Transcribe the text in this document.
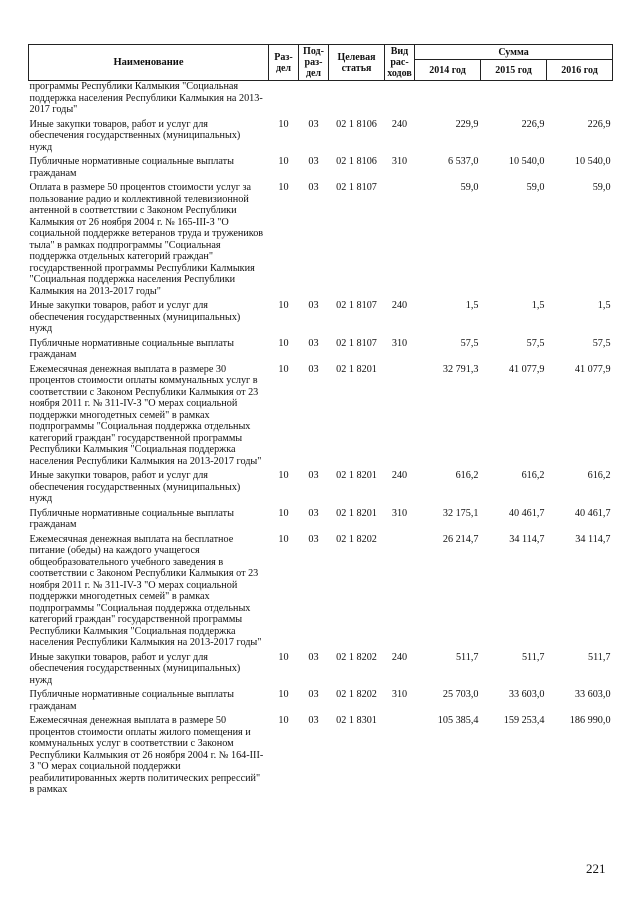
Наименование	Раз-дел	Под-раз-дел	Целевая статья	Вид рас-ходов	Сумма		
					2014 год	2015 год	2016 год
программы Республики Калмыкия "Социальная поддержка населения Республики Калмыкия на 2013-2017 годы"							
Иные закупки товаров, работ и услуг для обеспечения государственных (муниципальных) нужд	10	03	02 1 8106	240	229,9	226,9	226,9
Публичные нормативные социальные выплаты гражданам	10	03	02 1 8106	310	6 537,0	10 540,0	10 540,0
Оплата в размере 50 процентов стоимости услуг за пользование радио и коллективной телевизионной антенной в соответствии с Законом Республики Калмыкия от 26 ноября 2004 г. № 165-III-З "О социальной поддержке ветеранов труда и тружеников тыла" в рамках подпрограммы "Социальная поддержка отдельных категорий граждан" государственной программы Республики Калмыкия "Социальная поддержка населения Республики Калмыкия на 2013-2017 годы"	10	03	02 1 8107		59,0	59,0	59,0
Иные закупки товаров, работ и услуг для обеспечения государственных (муниципальных) нужд	10	03	02 1 8107	240	1,5	1,5	1,5
Публичные нормативные социальные выплаты гражданам	10	03	02 1 8107	310	57,5	57,5	57,5
Ежемесячная денежная выплата в размере 30 процентов стоимости оплаты коммунальных услуг в соответствии с Законом Республики Калмыкия от 23 ноября 2011 г. № 311-IV-З "О мерах социальной поддержки многодетных семей" в рамках подпрограммы "Социальная поддержка отдельных категорий граждан" государственной программы Республики Калмыкия "Социальная поддержка населения Республики Калмыкия на 2013-2017 годы"	10	03	02 1 8201		32 791,3	41 077,9	41 077,9
Иные закупки товаров, работ и услуг для обеспечения государственных (муниципальных) нужд	10	03	02 1 8201	240	616,2	616,2	616,2
Публичные нормативные социальные выплаты гражданам	10	03	02 1 8201	310	32 175,1	40 461,7	40 461,7
Ежемесячная денежная выплата на бесплатное питание (обеды) на каждого учащегося общеобразовательного учебного заведения в соответствии с Законом Республики Калмыкия от 23 ноября 2011 г. № 311-IV-З "О мерах социальной поддержки многодетных семей" в рамках подпрограммы "Социальная поддержка отдельных категорий граждан" государственной программы Республики Калмыкия "Социальная поддержка населения Республики Калмыкия на 2013-2017 годы"	10	03	02 1 8202		26 214,7	34 114,7	34 114,7
Иные закупки товаров, работ и услуг для обеспечения государственных (муниципальных) нужд	10	03	02 1 8202	240	511,7	511,7	511,7
Публичные нормативные социальные выплаты гражданам	10	03	02 1 8202	310	25 703,0	33 603,0	33 603,0
Ежемесячная денежная выплата в размере 50 процентов стоимости оплаты жилого помещения и коммунальных услуг в соответствии с Законом Республики Калмыкия от 26 ноября 2004 г. № 164-III-З "О мерах социальной поддержки реабилитированных жертв политических репрессий" в рамках	10	03	02 1 8301		105 385,4	159 253,4	186 990,0
221
